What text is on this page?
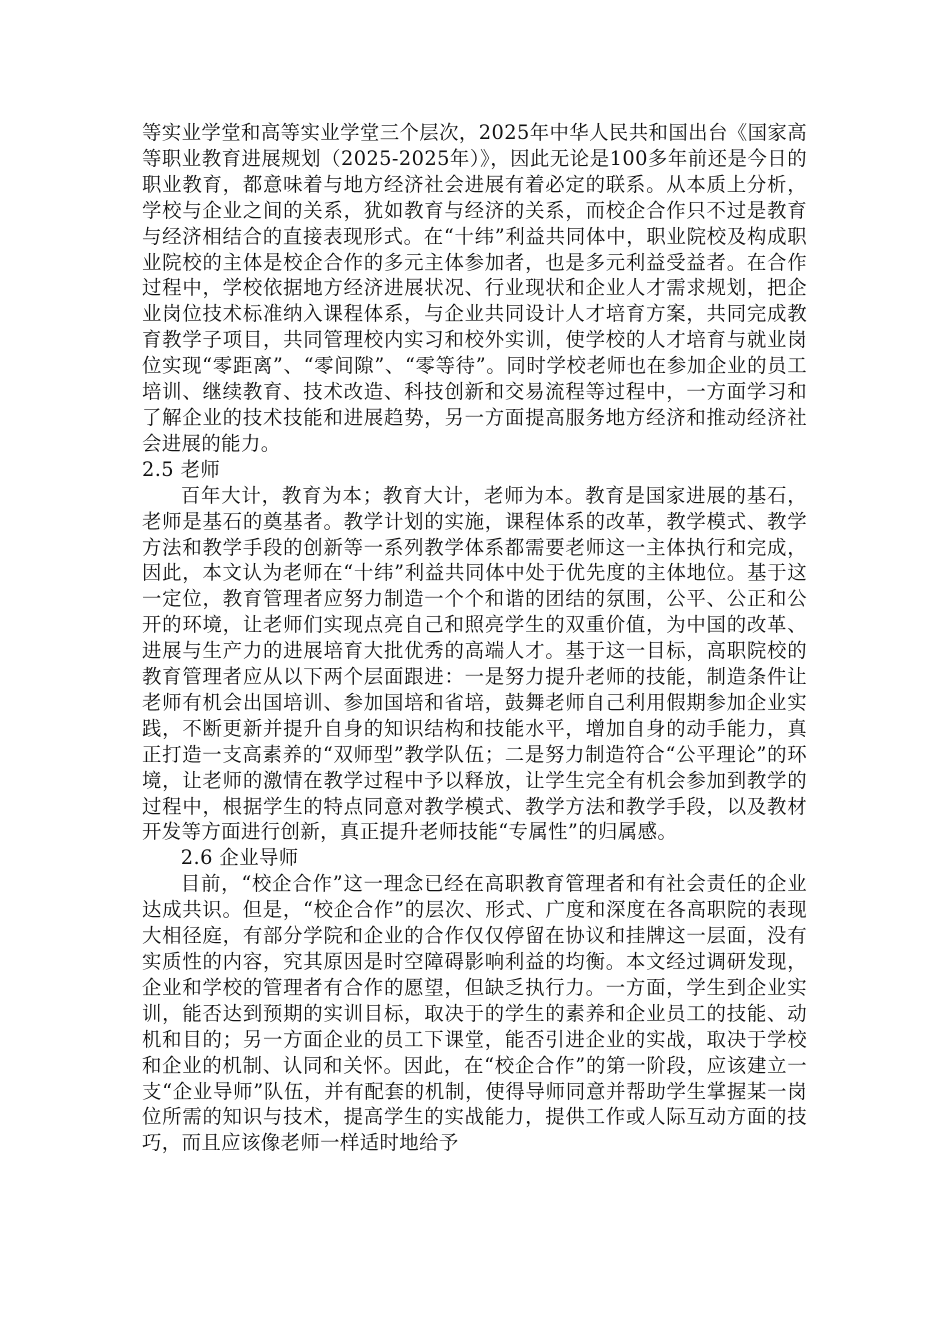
等实业学堂和高等实业学堂三个层次，2025年中华人民共和国出台《国家高等职业教育进展规划（2025-2025年）》，因此无论是100多年前还是今日的职业教育，都意味着与地方经济社会进展有着必定的联系。从本质上分析，学校与企业之间的关系，犹如教育与经济的关系，而校企合作只不过是教育与经济相结合的直接表现形式。在“十纬”利益共同体中，职业院校及构成职业院校的主体是校企合作的多元主体参加者，也是多元利益受益者。在合作过程中，学校依据地方经济进展状况、行业现状和企业人才需求规划，把企业岗位技术标准纳入课程体系，与企业共同设计人才培育方案，共同完成教育教学子项目，共同管理校内实习和校外实训，使学校的人才培育与就业岗位实现“零距离”、“零间隙”、“零等待”。同时学校老师也在参加企业的员工培训、继续教育、技术改造、科技创新和交易流程等过程中，一方面学习和了解企业的技术技能和进展趋势，另一方面提高服务地方经济和推动经济社会进展的能力。

2.5 老师

百年大计，教育为本；教育大计，老师为本。教育是国家进展的基石，老师是基石的奠基者。教学计划的实施，课程体系的改革，教学模式、教学方法和教学手段的创新等一系列教学体系都需要老师这一主体执行和完成，因此，本文认为老师在“十纬”利益共同体中处于优先度的主体地位。基于这一定位，教育管理者应努力制造一个个和谐的团结的氛围，公平、公正和公开的环境，让老师们实现点亮自己和照亮学生的双重价值，为中国的改革、进展与生产力的进展培育大批优秀的高端人才。基于这一目标，高职院校的教育管理者应从以下两个层面跟进：一是努力提升老师的技能，制造条件让老师有机会出国培训、参加国培和省培，鼓舞老师自己利用假期参加企业实践，不断更新并提升自身的知识结构和技能水平，增加自身的动手能力，真正打造一支高素养的“双师型”教学队伍；二是努力制造符合“公平理论”的环境，让老师的激情在教学过程中予以释放，让学生完全有机会参加到教学的过程中，根据学生的特点同意对教学模式、教学方法和教学手段，以及教材开发等方面进行创新，真正提升老师技能“专属性”的归属感。

2.6 企业导师

目前，“校企合作”这一理念已经在高职教育管理者和有社会责任的企业达成共识。但是，“校企合作”的层次、形式、广度和深度在各高职院的表现大相径庭，有部分学院和企业的合作仅仅停留在协议和挂牌这一层面，没有实质性的内容，究其原因是时空障碍影响利益的均衡。本文经过调研发现，企业和学校的管理者有合作的愿望，但缺乏执行力。一方面，学生到企业实训，能否达到预期的实训目标，取决于的学生的素养和企业员工的技能、动机和目的；另一方面企业的员工下课堂，能否引进企业的实战，取决于学校和企业的机制、认同和关怀。因此，在“校企合作”的第一阶段，应该建立一支“企业导师”队伍，并有配套的机制，使得导师同意并帮助学生掌握某一岗位所需的知识与技术，提高学生的实战能力，提供工作或人际互动方面的技巧，而且应该像老师一样适时地给予
